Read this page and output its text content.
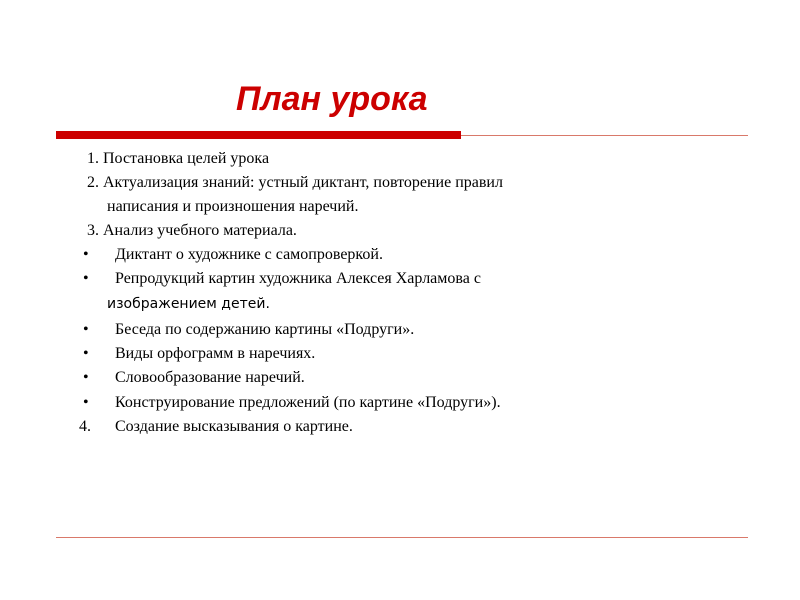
План урока
1. Постановка целей урока
2. Актуализация знаний: устный диктант, повторение правил
написания и произношения наречий.
3. Анализ учебного материала.
• Диктант о художнике с самопроверкой.
• Репродукций картин художника Алексея Харламова с
изображением детей.
• Беседа по содержанию картины «Подруги».
• Виды орфограмм в наречиях.
• Словообразование наречий.
• Конструирование предложений (по картине «Подруги»).
4. Создание высказывания о картине.
